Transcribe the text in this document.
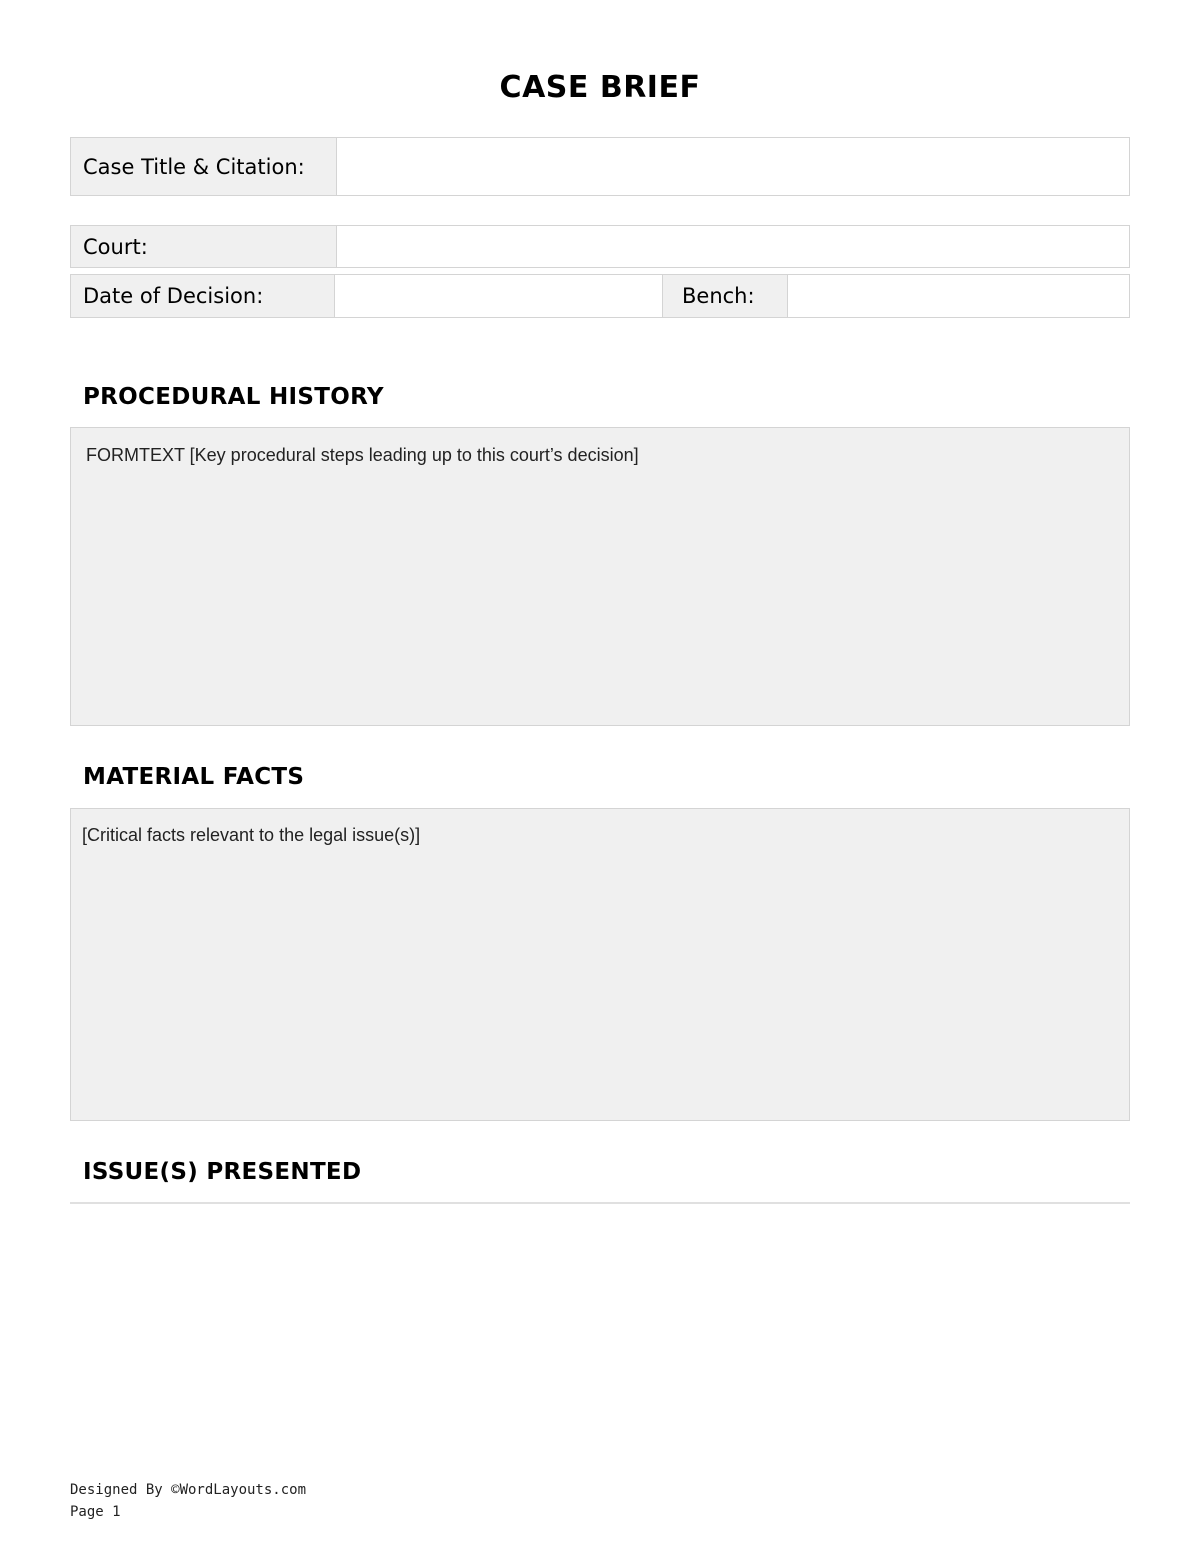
CASE BRIEF
Case Title & Citation:
Court:
Date of Decision:	Bench:
PROCEDURAL HISTORY
FORMTEXT [Key procedural steps leading up to this court’s decision]
MATERIAL FACTS
[Critical facts relevant to the legal issue(s)]
ISSUE(S) PRESENTED
Designed By ©WordLayouts.com
Page 1
